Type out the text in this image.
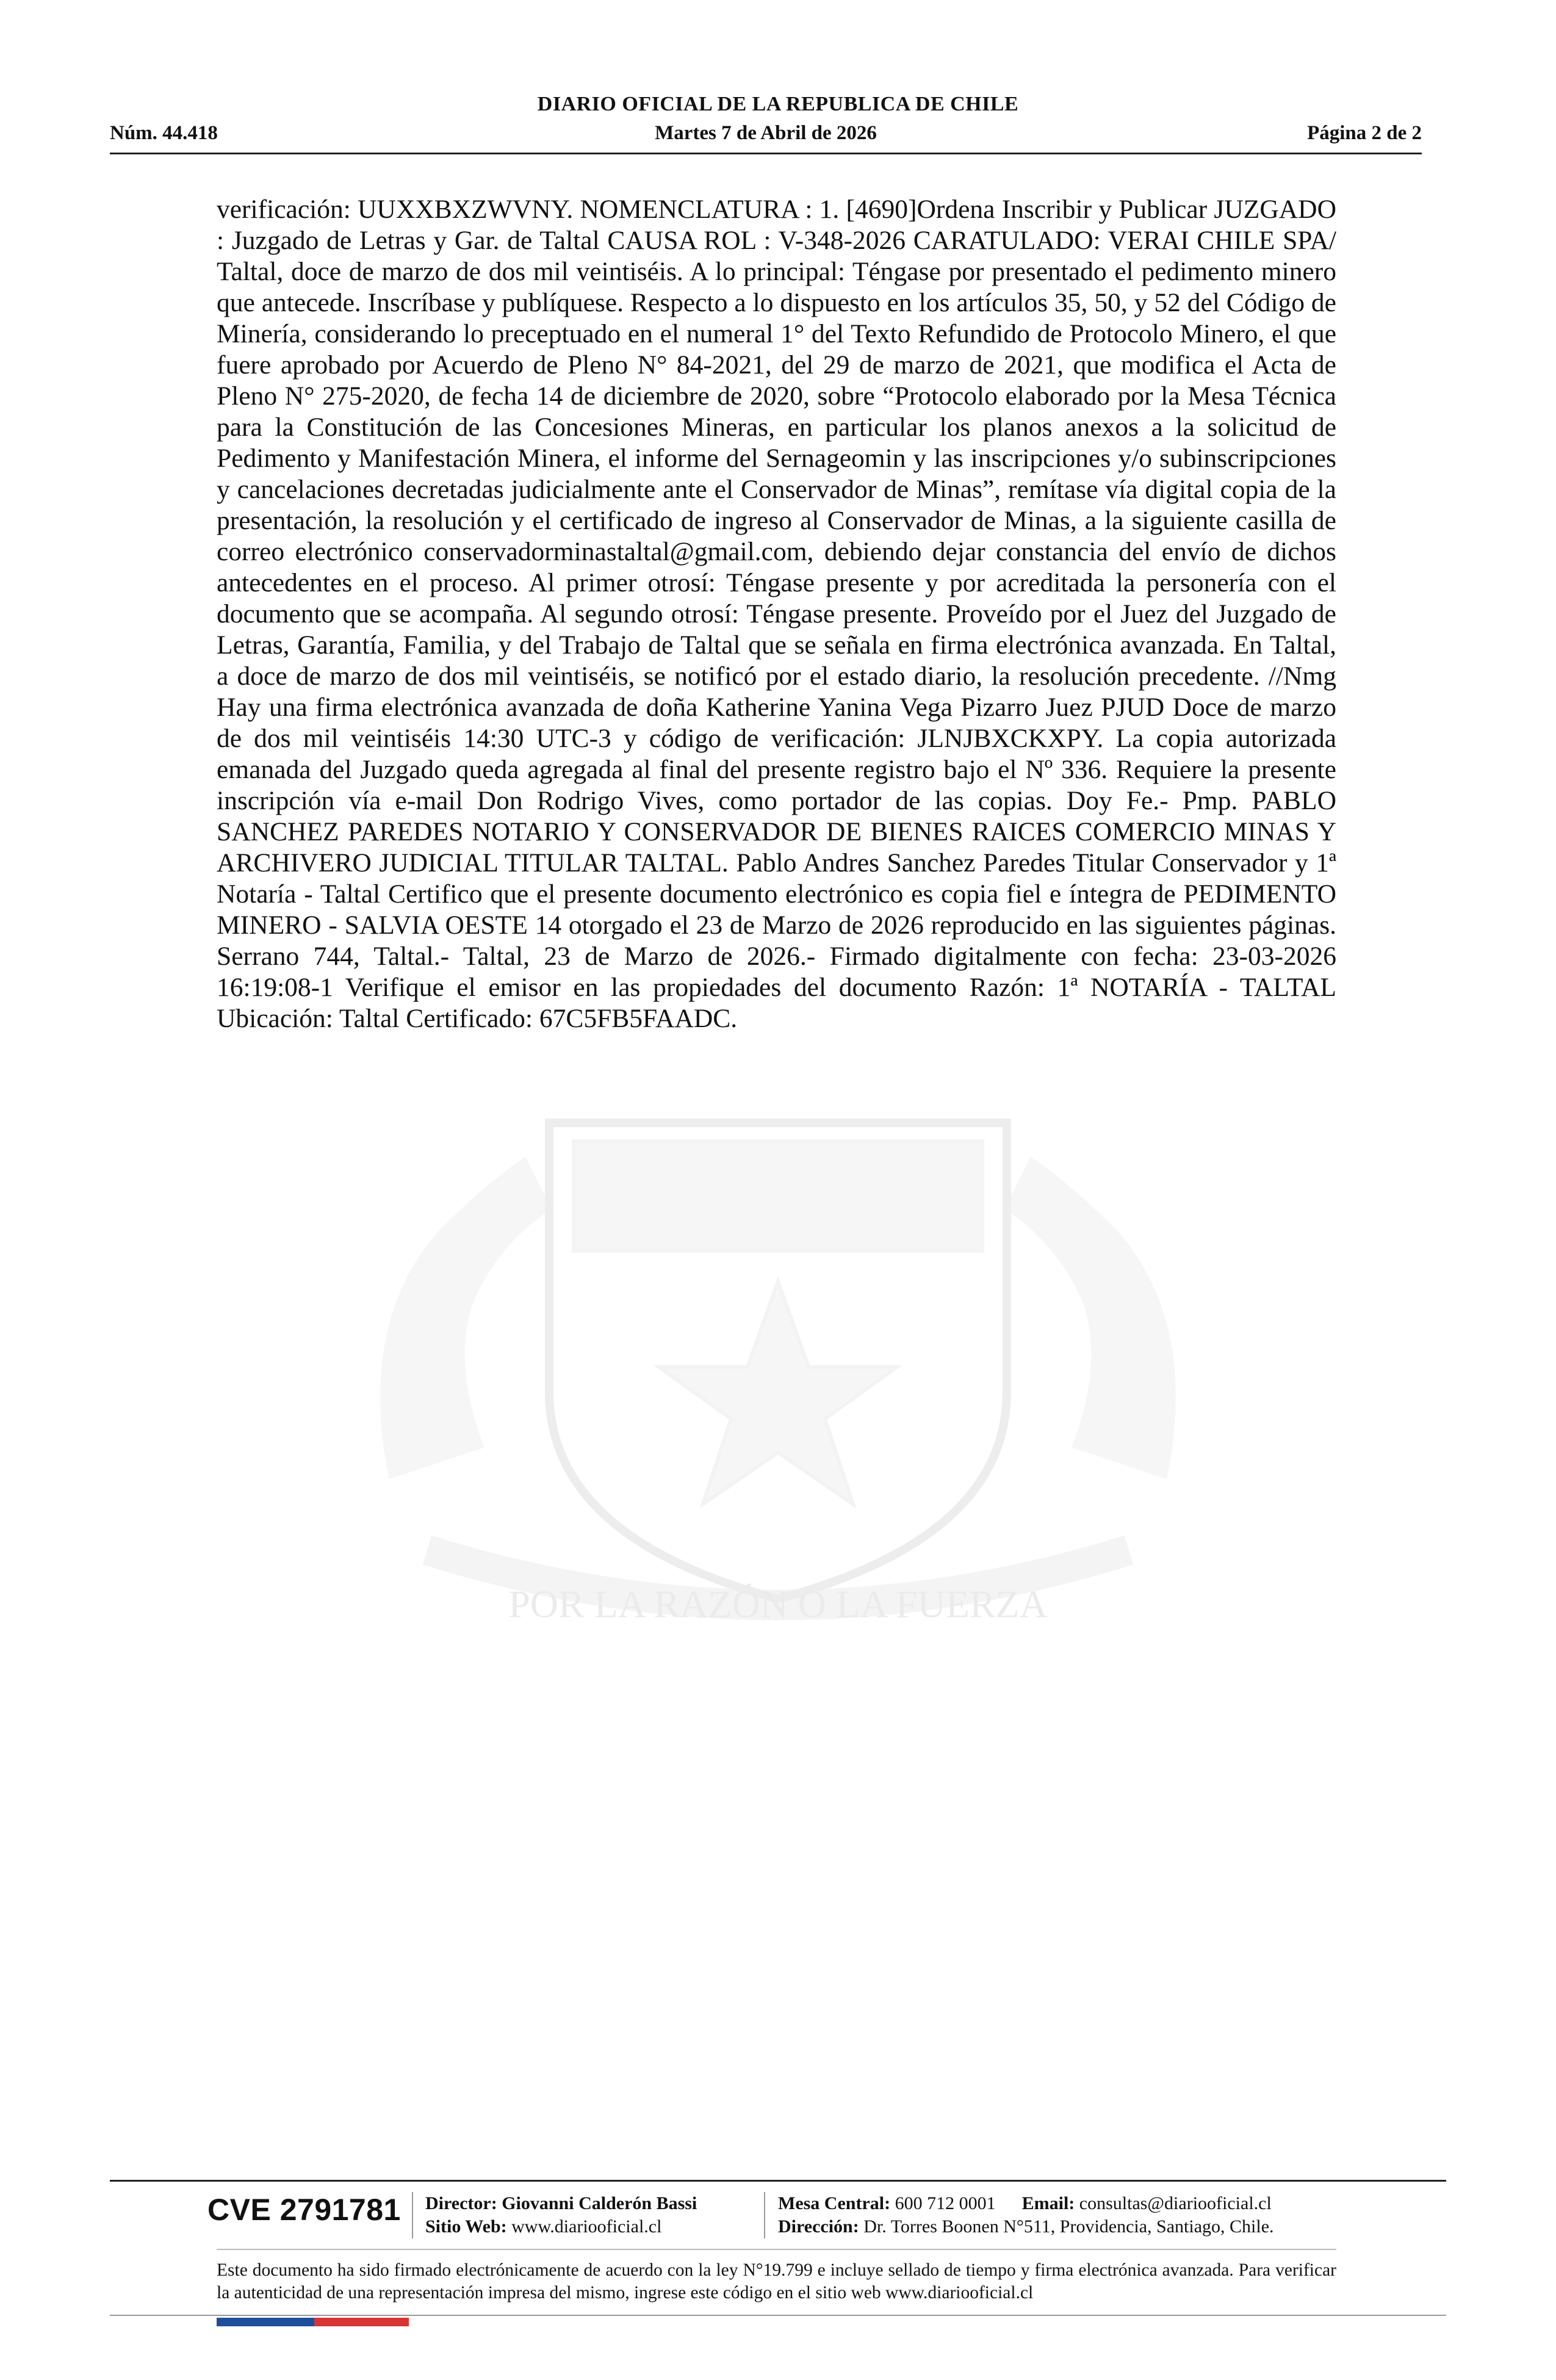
DIARIO OFICIAL DE LA REPUBLICA DE CHILE
Núm. 44.418	Martes 7 de Abril de 2026	Página 2 de 2
POR LA RAZÓN O LA FUERZA
verificación: UUXXBXZWVNY. NOMENCLATURA : 1. [4690]Ordena Inscribir y Publicar JUZGADO : Juzgado de Letras y Gar. de Taltal CAUSA ROL : V-348-2026 CARATULADO: VERAI CHILE SPA/ Taltal, doce de marzo de dos mil veintiséis. A lo principal: Téngase por presentado el pedimento minero que antecede. Inscríbase y publíquese. Respecto a lo dispuesto en los artículos 35, 50, y 52 del Código de Minería, considerando lo preceptuado en el numeral 1° del Texto Refundido de Protocolo Minero, el que fuere aprobado por Acuerdo de Pleno N° 84-2021, del 29 de marzo de 2021, que modifica el Acta de Pleno N° 275-2020, de fecha 14 de diciembre de 2020, sobre “Protocolo elaborado por la Mesa Técnica para la Constitución de las Concesiones Mineras, en particular los planos anexos a la solicitud de Pedimento y Manifestación Minera, el informe del Sernageomin y las inscripciones y/o subinscripciones y cancelaciones decretadas judicialmente ante el Conservador de Minas”, remítase vía digital copia de la presentación, la resolución y el certificado de ingreso al Conservador de Minas, a la siguiente casilla de correo electrónico conservadorminastaltal@gmail.com, debiendo dejar constancia del envío de dichos antecedentes en el proceso. Al primer otrosí: Téngase presente y por acreditada la personería con el documento que se acompaña. Al segundo otrosí: Téngase presente. Proveído por el Juez del Juzgado de Letras, Garantía, Familia, y del Trabajo de Taltal que se señala en firma electrónica avanzada. En Taltal, a doce de marzo de dos mil veintiséis, se notificó por el estado diario, la resolución precedente. //Nmg Hay una firma electrónica avanzada de doña Katherine Yanina Vega Pizarro Juez PJUD Doce de marzo de dos mil veintiséis 14:30 UTC-3 y código de verificación: JLNJBXCKXPY. La copia autorizada emanada del Juzgado queda agregada al final del presente registro bajo el Nº 336. Requiere la presente inscripción vía e-mail Don Rodrigo Vives, como portador de las copias. Doy Fe.- Pmp. PABLO SANCHEZ PAREDES NOTARIO Y CONSERVADOR DE BIENES RAICES COMERCIO MINAS Y ARCHIVERO JUDICIAL TITULAR TALTAL. Pablo Andres Sanchez Paredes Titular Conservador y 1ª Notaría - Taltal Certifico que el presente documento electrónico es copia fiel e íntegra de PEDIMENTO MINERO - SALVIA OESTE 14 otorgado el 23 de Marzo de 2026 reproducido en las siguientes páginas. Serrano 744, Taltal.- Taltal, 23 de Marzo de 2026.- Firmado digitalmente con fecha: 23-03-2026 16:19:08-1 Verifique el emisor en las propiedades del documento Razón: 1ª NOTARÍA - TALTAL Ubicación: Taltal Certificado: 67C5FB5FAADC.
CVE 2791781 Director: Giovanni Calderón Bassi
Sitio Web: www.diariooficial.cl
Mesa Central: 600 712 0001 Email: consultas@diariooficial.cl
Dirección: Dr. Torres Boonen N°511, Providencia, Santiago, Chile.
Este documento ha sido firmado electrónicamente de acuerdo con la ley N°19.799 e incluye sellado de tiempo y firma electrónica avanzada. Para verificar la autenticidad de una representación impresa del mismo, ingrese este código en el sitio web www.diariooficial.cl
